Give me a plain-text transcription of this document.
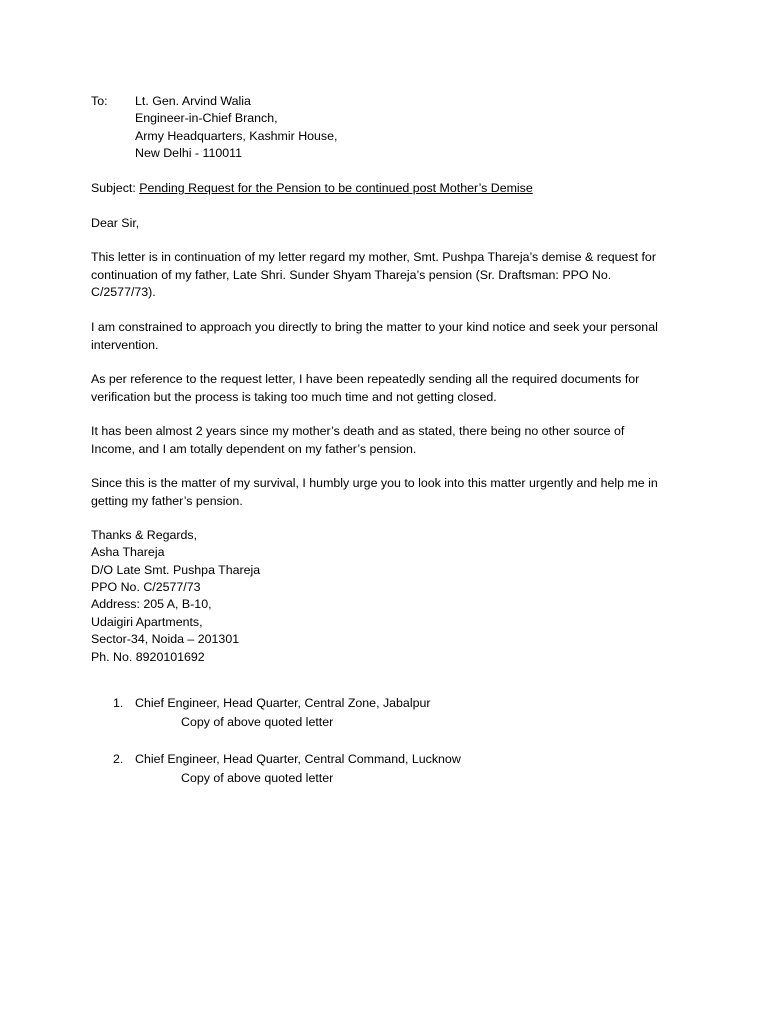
To: Lt. Gen. Arvind Walia
Engineer-in-Chief Branch,
Army Headquarters, Kashmir House,
New Delhi - 110011
Subject: Pending Request for the Pension to be continued post Mother’s Demise
Dear Sir,
This letter is in continuation of my letter regard my mother, Smt. Pushpa Thareja’s demise & request for
continuation of my father, Late Shri. Sunder Shyam Thareja’s pension (Sr. Draftsman: PPO No.
C/2577/73).
I am constrained to approach you directly to bring the matter to your kind notice and seek your personal
intervention.
As per reference to the request letter, I have been repeatedly sending all the required documents for
verification but the process is taking too much time and not getting closed.
It has been almost 2 years since my mother’s death and as stated, there being no other source of
Income, and I am totally dependent on my father’s pension.
Since this is the matter of my survival, I humbly urge you to look into this matter urgently and help me in
getting my father’s pension.
Thanks & Regards,
Asha Thareja
D/O Late Smt. Pushpa Thareja
PPO No. C/2577/73
Address: 205 A, B-10,
Udaigiri Apartments,
Sector-34, Noida – 201301
Ph. No. 8920101692
1. Chief Engineer, Head Quarter, Central Zone, Jabalpur
Copy of above quoted letter
2. Chief Engineer, Head Quarter, Central Command, Lucknow
Copy of above quoted letter
